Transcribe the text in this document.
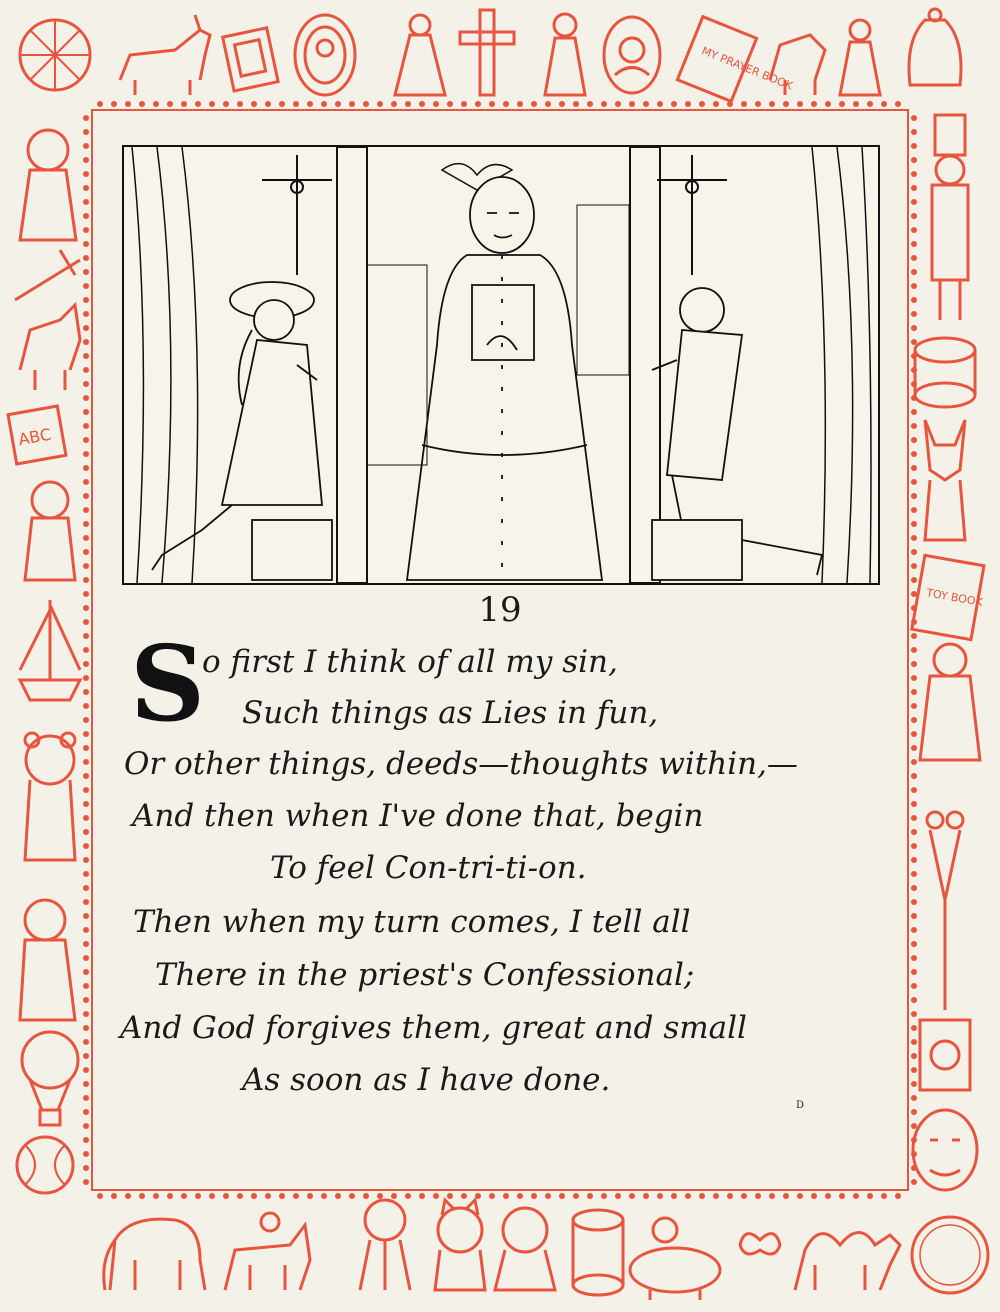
MY PRAYER BOOK
ABC
TOY BOOK
19
S
o first I think of all my sin,
Such things as Lies in fun,
Or other things, deeds—thoughts within,—
And then when I've done that, begin
To feel Con-tri-ti-on.
Then when my turn comes, I tell all
There in the priest's Confessional;
And God forgives them, great and small
As soon as I have done.
D
